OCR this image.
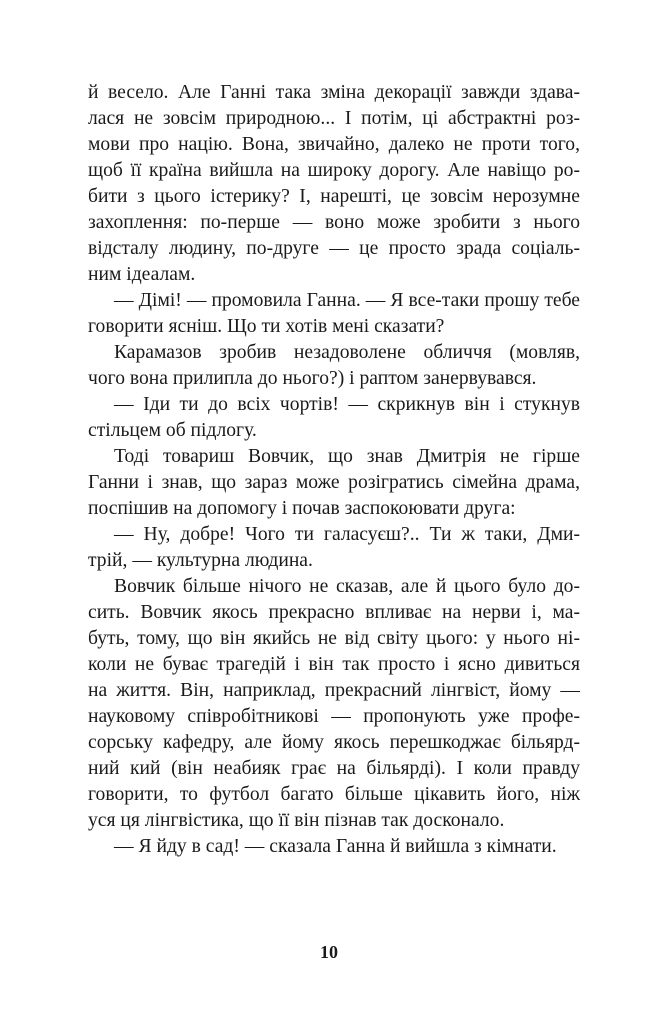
й весело. Але Ганні така зміна декорації завжди здава-
лася не зовсім природною... І потім, ці абстрактні роз-
мови про націю. Вона, звичайно, далеко не проти того,
щоб її країна вийшла на широку дорогу. Але навіщо ро-
бити з цього істерику? І, нарешті, це зовсім нерозумне
захоплення: по-перше — воно може зробити з нього
відсталу людину, по-друге — це просто зрада соціаль-
ним ідеалам.
— Дімі! — промовила Ганна. — Я все-таки прошу тебе
говорити ясніш. Що ти хотів мені сказати?
Карамазов зробив незадоволене обличчя (мовляв,
чого вона прилипла до нього?) і раптом занервувався.
— Іди ти до всіх чортів! — скрикнув він і стукнув
стільцем об підлогу.
Тоді товариш Вовчик, що знав Дмитрія не гірше
Ганни і знав, що зараз може розігратись сімейна драма,
поспішив на допомогу і почав заспокоювати друга:
— Ну, добре! Чого ти галасуєш?.. Ти ж таки, Дми-
трій, — культурна людина.
Вовчик більше нічого не сказав, але й цього було до-
сить. Вовчик якось прекрасно впливає на нерви і, ма-
буть, тому, що він якийсь не від світу цього: у нього ні-
коли не буває трагедій і він так просто і ясно дивиться
на життя. Він, наприклад, прекрасний лінгвіст, йому —
науковому співробітникові — пропонують уже профе-
сорську кафедру, але йому якось перешкоджає більярд-
ний кий (він неабияк грає на більярді). І коли правду
говорити, то футбол багато більше цікавить його, ніж
уся ця лінгвістика, що її він пізнав так досконало.
— Я йду в сад! — сказала Ганна й вийшла з кімнати.
10
